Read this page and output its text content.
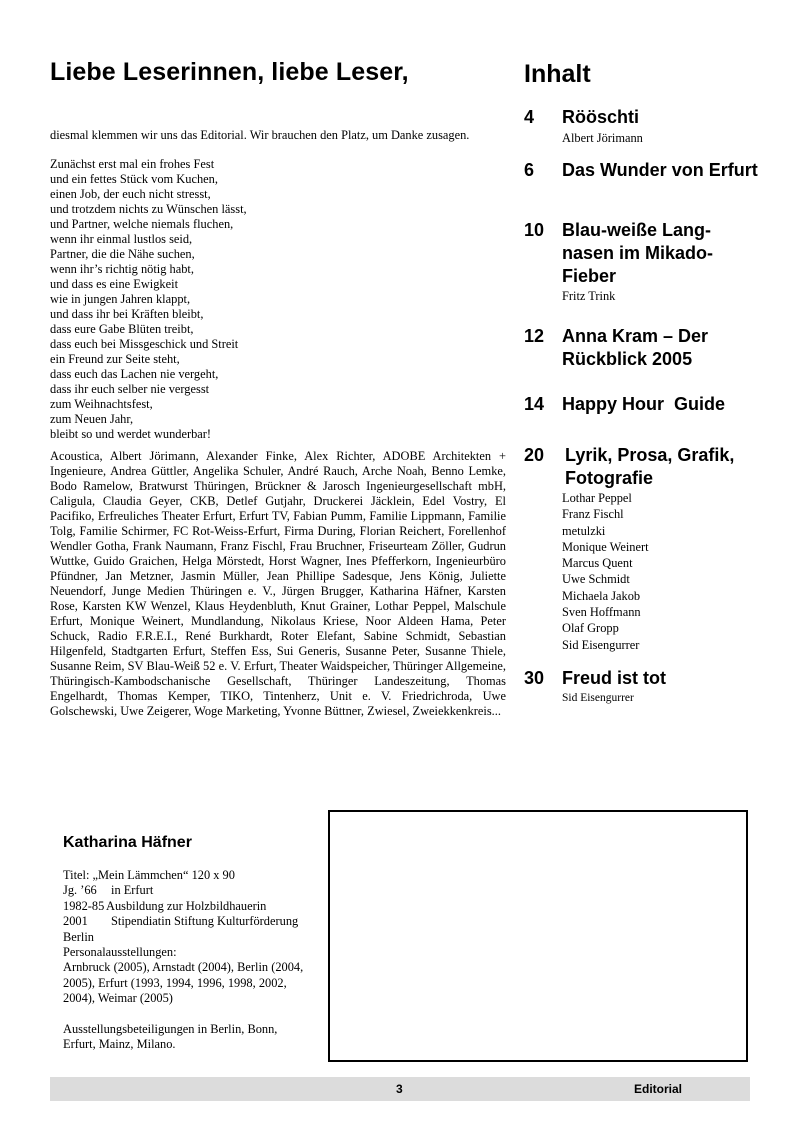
Liebe Leserinnen, liebe Leser,
diesmal klemmen wir uns das Editorial. Wir brauchen den Platz, um Danke zusagen.
Zunächst erst mal ein frohes Fest
und ein fettes Stück vom Kuchen,
einen Job, der euch nicht stresst,
und trotzdem nichts zu Wünschen lässt,
und Partner, welche niemals fluchen,
wenn ihr einmal lustlos seid,
Partner, die die Nähe suchen,
wenn ihr’s richtig nötig habt,
und dass es eine Ewigkeit
wie in jungen Jahren klappt,
und dass ihr bei Kräften bleibt,
dass eure Gabe Blüten treibt,
dass euch bei Missgeschick und Streit
ein Freund zur Seite steht,
dass euch das Lachen nie vergeht,
dass ihr euch selber nie vergesst
zum Weihnachtsfest,
zum Neuen Jahr,
bleibt so und werdet wunderbar!
Acoustica, Albert Jörimann, Alexander Finke, Alex Richter, ADOBE Architekten + Ingenieure, Andrea Güttler, Angelika Schuler, André Rauch, Arche Noah, Benno Lemke, Bodo Ramelow, Bratwurst Thüringen, Brückner & Jarosch Ingenieurgesellschaft mbH, Caligula, Claudia Geyer, CKB, Detlef Gutjahr, Druckerei Jäcklein, Edel Vostry, El Pacifiko, Erfreuliches Theater Erfurt, Erfurt TV, Fabian Pumm, Familie Lippmann, Familie Tolg, Familie Schirmer, FC Rot-Weiss-Erfurt, Firma During, Florian Reichert, Forellenhof Wendler Gotha, Frank Naumann, Franz Fischl, Frau Bruchner, Friseurteam Zöller, Gudrun Wuttke, Guido Graichen, Helga Mörstedt, Horst Wagner, Ines Pfefferkorn, Ingenieurbüro Pfündner, Jan Metzner, Jasmin Müller, Jean Phillipe Sadesque, Jens König, Juliette Neuendorf, Junge Medien Thüringen e. V., Jürgen Brugger, Katharina Häfner, Karsten Rose, Karsten KW Wenzel, Klaus Heydenbluth, Knut Grainer, Lothar Peppel, Malschule Erfurt, Monique Weinert, Mundlandung, Nikolaus Kriese, Noor Aldeen Hama, Peter Schuck, Radio F.R.E.I., René Burkhardt, Roter Elefant, Sabine Schmidt, Sebastian Hilgenfeld, Stadtgarten Erfurt, Steffen Ess, Sui Generis, Susanne Peter, Susanne Thiele, Susanne Reim, SV Blau-Weiß 52 e. V. Erfurt, Theater Waidspeicher, Thüringer Allgemeine, Thüringisch-Kambodschanische Gesellschaft, Thüringer Landeszeitung, Thomas Engelhardt, Thomas Kemper, TIKO, Tintenherz, Unit e. V. Friedrichroda, Uwe Golschewski, Uwe Zeigerer, Woge Marketing, Yvonne Büttner, Zwiesel, Zweiekkenkreis...
Inhalt
4 Rööschti
Albert Jörimann
6 Das Wunder von Erfurt
10 Blau-weiße Lang-nasen im Mikado-Fieber
Fritz Trink
12 Anna Kram – Der Rückblick 2005
14 Happy Hour  Guide
20 Lyrik, Prosa, Grafik, Fotografie
Lothar Peppel
Franz Fischl
metulzki
Monique Weinert
Marcus Quent
Uwe Schmidt
Michaela Jakob
Sven Hoffmann
Olaf Gropp
Sid Eisengurrer
30 Freud ist tot
Sid Eisengurrer
Katharina Häfner
Titel: „Mein Lämmchen“ 120 x 90
Jg. ’66 in Erfurt
1982-85 Ausbildung zur Holzbildhauerin
2001 Stipendiatin Stiftung Kulturförderung
Berlin
Personalausstellungen:
Arnbruck (2005), Arnstadt (2004), Berlin (2004, 2005), Erfurt (1993, 1994, 1996, 1998, 2002, 2004), Weimar (2005)
Ausstellungsbeteiligungen in Berlin, Bonn, Erfurt, Mainz, Milano.
3	Editorial
